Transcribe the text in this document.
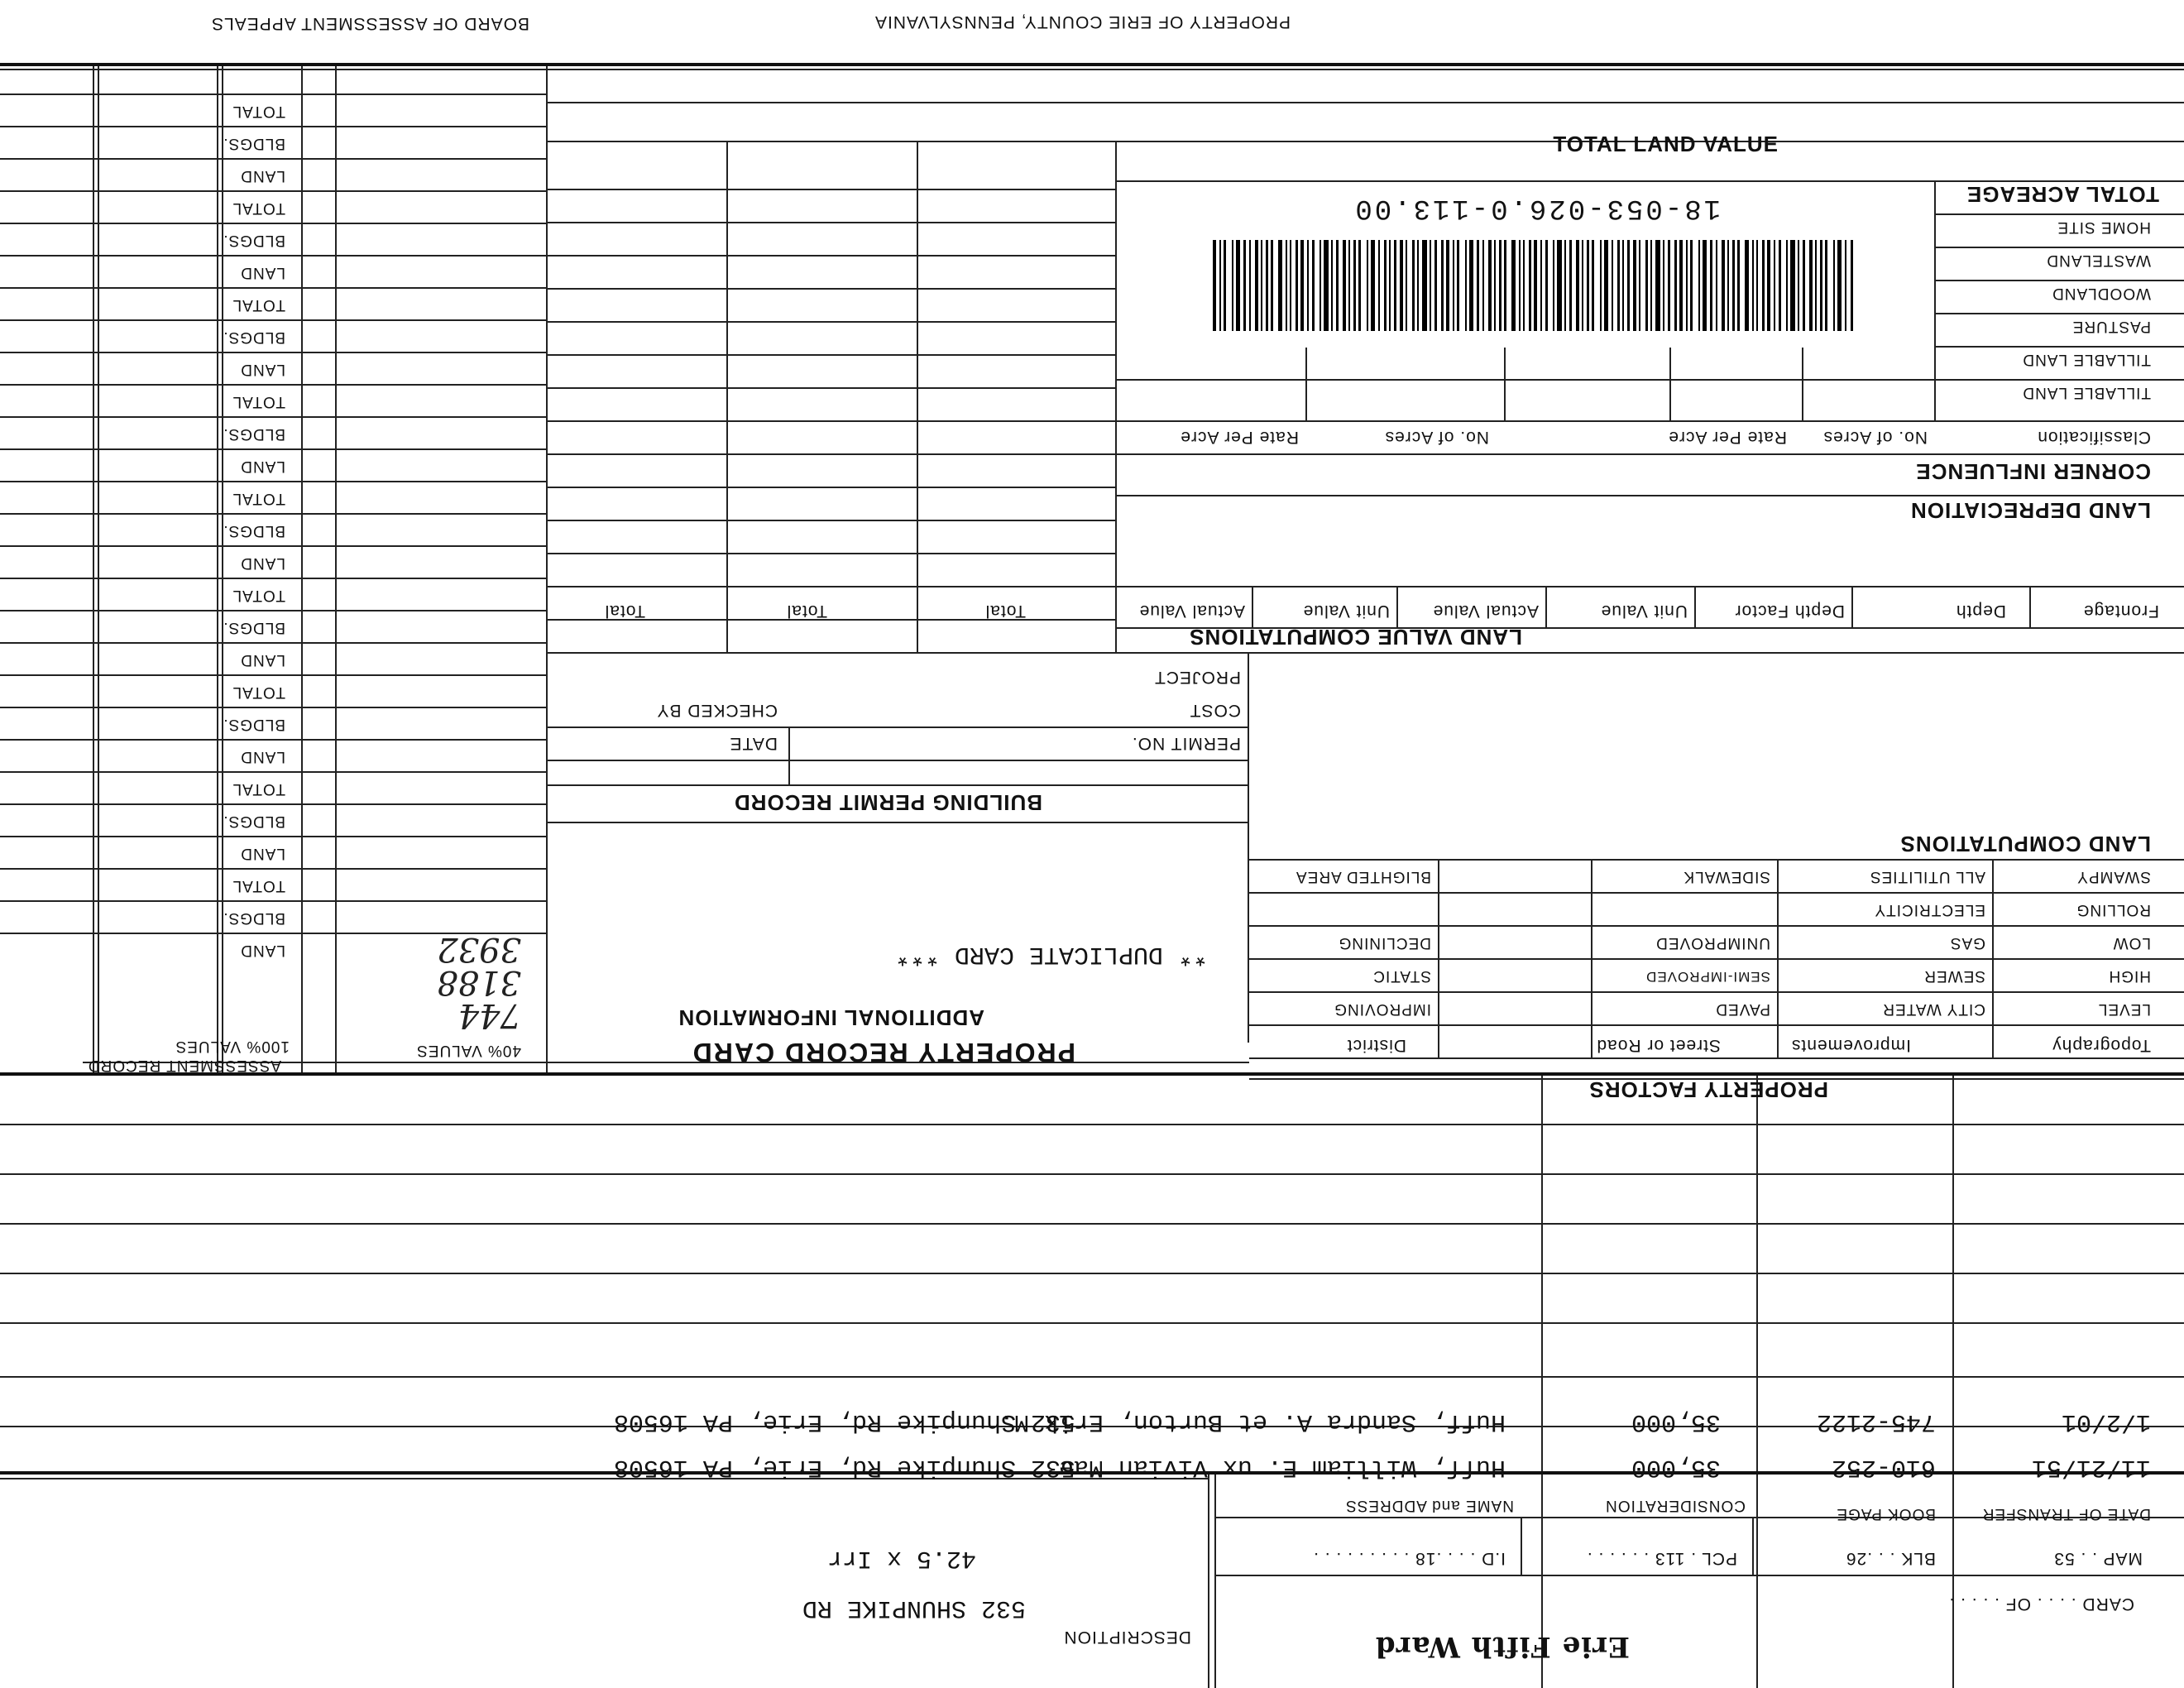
PROPERTY OF ERIE COUNTY, PENNSYLVANIA
BOARD OF ASSESSMENT APPEALS
TOTAL LAND VALUE
18-053-026.0-113.00	TOTAL ACREAGE
HOME SITE
WASTELAND
WOODLAND
PASTURE
TILLABLE LAND
TILLABLE LAND
Classification
No. of Acres
Rate Per Acre
No. of Acres
Rate Per Acre
CORNER INFLUENCE
LAND DEPRECIATION
Frontage
Depth
Depth Factor
Unit Value
Actual Value
Unit Value
Actual Value
Total
Total
Total
LAND VALUE COMPUTATIONS
PROJECT
COST
CHECKED BY
PERMIT NO.
DATE
BUILDING PERMIT RECORD
** DUPLICATE CARD ***
ADDITIONAL INFORMATION
PROPERTY RECORD CARD
LAND COMPUTATIONS
SWAMPY
ROLLING
LOW
HIGH
LEVEL
ALL UTILITIES
ELECTRICITY
GAS
SEWER
CITY WATER
SIDEWALK
UNIMPROVED
SEMI-IMPROVED
PAVED
BLIGHTED AREA
DECLINING
STATIC
IMPROVING
Topography
Improvements
Street or Road
District
PROPERTY FACTORS
TOTAL
BLDGS.
LAND
TOTAL
BLDGS.
LAND
TOTAL
BLDGS.
LAND
TOTAL
BLDGS.
LAND
TOTAL
BLDGS.
LAND
TOTAL
BLDGS.
LAND
TOTAL
BLDGS.
LAND
TOTAL
BLDGS.
LAND
TOTAL
BLDGS.
LAND
40% VALUES
100% VALUES
ASSESSMENT RECORD
744
3188
3932
DATE OF TRANSFER
BOOK PAGE
CONSIDERATION
NAME and ADDRESS
11/21/51
610-252
35,000
Huff, William E. ux Vivian Mae
532 Shunpike Rd, Erie, PA 16508
1/2/01
745-2122
35,000
Huff, Sandra A. et Burton, Erik M.
532 Shunpike Rd, Erie, PA 16508
MAP . . 53
BLK . . .26
PCL . 113 . . . . . .
I.D . . . .18 . . . . . . . . .
CARD . . . . OF . . . . .
Erie Fifth Ward
42.5 x Irr
532 SHUNPIKE RD
DESCRIPTION
